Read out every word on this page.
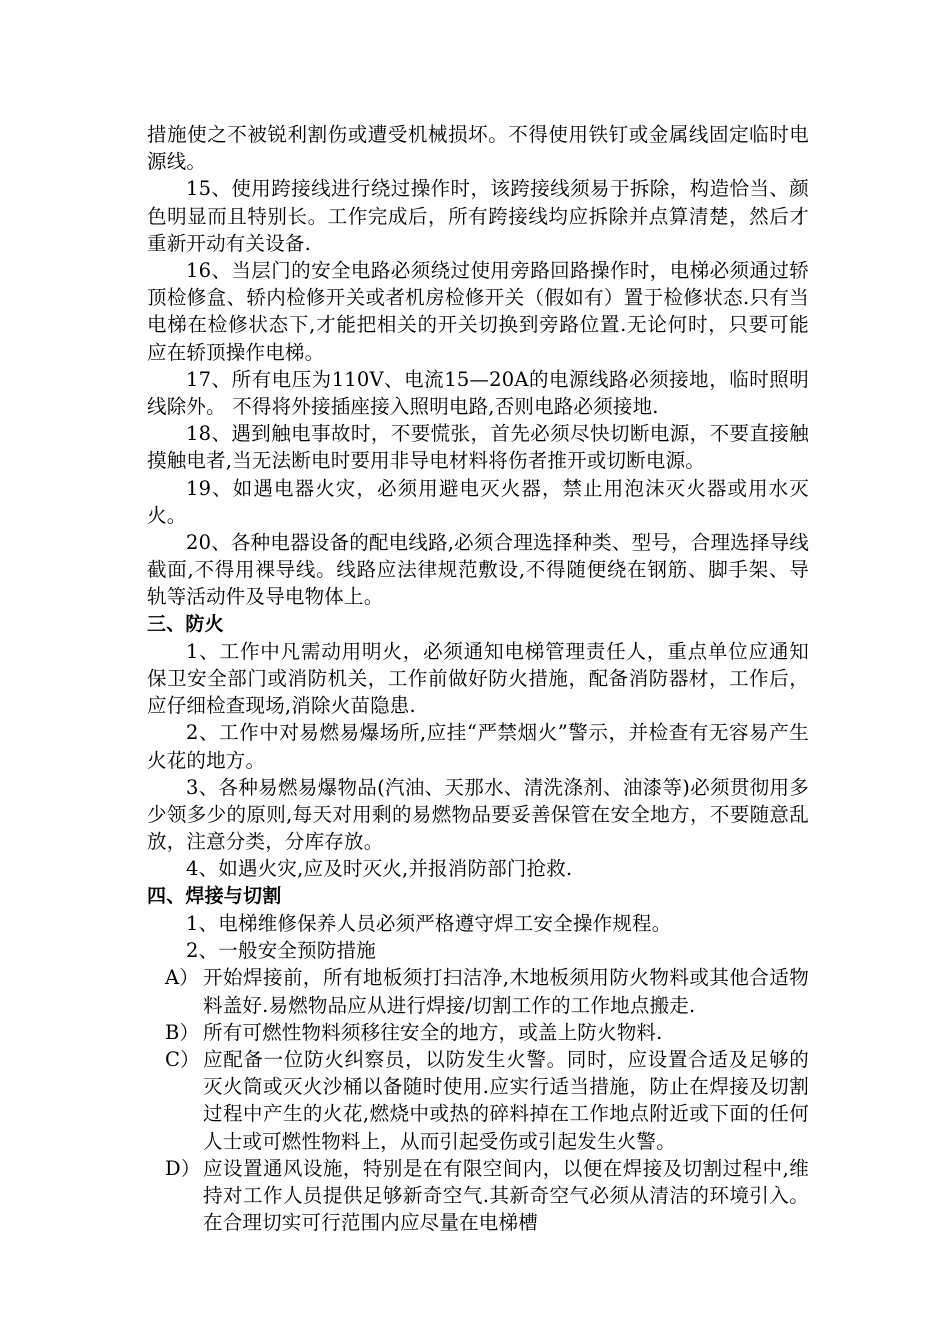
措施使之不被锐利割伤或遭受机械损坏。不得使用铁钉或金属线固定临时电源线。

15、使用跨接线进行绕过操作时，该跨接线须易于拆除，构造恰当、颜色明显而且特别长。工作完成后，所有跨接线均应拆除并点算清楚，然后才重新开动有关设备.

16、当层门的安全电路必须绕过使用旁路回路操作时，电梯必须通过轿顶检修盒、轿内检修开关或者机房检修开关（假如有）置于检修状态.只有当电梯在检修状态下,才能把相关的开关切换到旁路位置.无论何时，只要可能应在轿顶操作电梯。

17、所有电压为110V、电流15—20A的电源线路必须接地，临时照明线除外。 不得将外接插座接入照明电路,否则电路必须接地.

18、遇到触电事故时，不要慌张，首先必须尽快切断电源，不要直接触摸触电者,当无法断电时要用非导电材料将伤者推开或切断电源。

19、如遇电器火灾，必须用避电灭火器，禁止用泡沫灭火器或用水灭火。

20、各种电器设备的配电线路,必须合理选择种类、型号，合理选择导线截面,不得用裸导线。线路应法律规范敷设,不得随便绕在钢筋、脚手架、导轨等活动件及导电物体上。

三、防火

1、工作中凡需动用明火，必须通知电梯管理责任人，重点单位应通知保卫安全部门或消防机关，工作前做好防火措施，配备消防器材，工作后，应仔细检查现场,消除火苗隐患.

2、工作中对易燃易爆场所,应挂“严禁烟火”警示，并检查有无容易产生火花的地方。

3、各种易燃易爆物品(汽油、天那水、清洗涤剂、油漆等)必须贯彻用多少领多少的原则,每天对用剩的易燃物品要妥善保管在安全地方，不要随意乱放，注意分类，分库存放。

4、如遇火灾,应及时灭火,并报消防部门抢救.

四、焊接与切割

1、电梯维修保养人员必须严格遵守焊工安全操作规程。

2、一般安全预防措施

A） 开始焊接前，所有地板须打扫洁净,木地板须用防火物料或其他合适物料盖好.易燃物品应从进行焊接/切割工作的工作地点搬走.
B） 所有可燃性物料须移往安全的地方，或盖上防火物料.
C） 应配备一位防火纠察员，以防发生火警。同时，应设置合适及足够的灭火筒或灭火沙桶以备随时使用.应实行适当措施，防止在焊接及切割过程中产生的火花,燃烧中或热的碎料掉在工作地点附近或下面的任何人士或可燃性物料上，从而引起受伤或引起发生火警。
D） 应设置通风设施，特别是在有限空间内，以便在焊接及切割过程中,维持对工作人员提供足够新奇空气.其新奇空气必须从清洁的环境引入。在合理切实可行范围内应尽量在电梯槽
